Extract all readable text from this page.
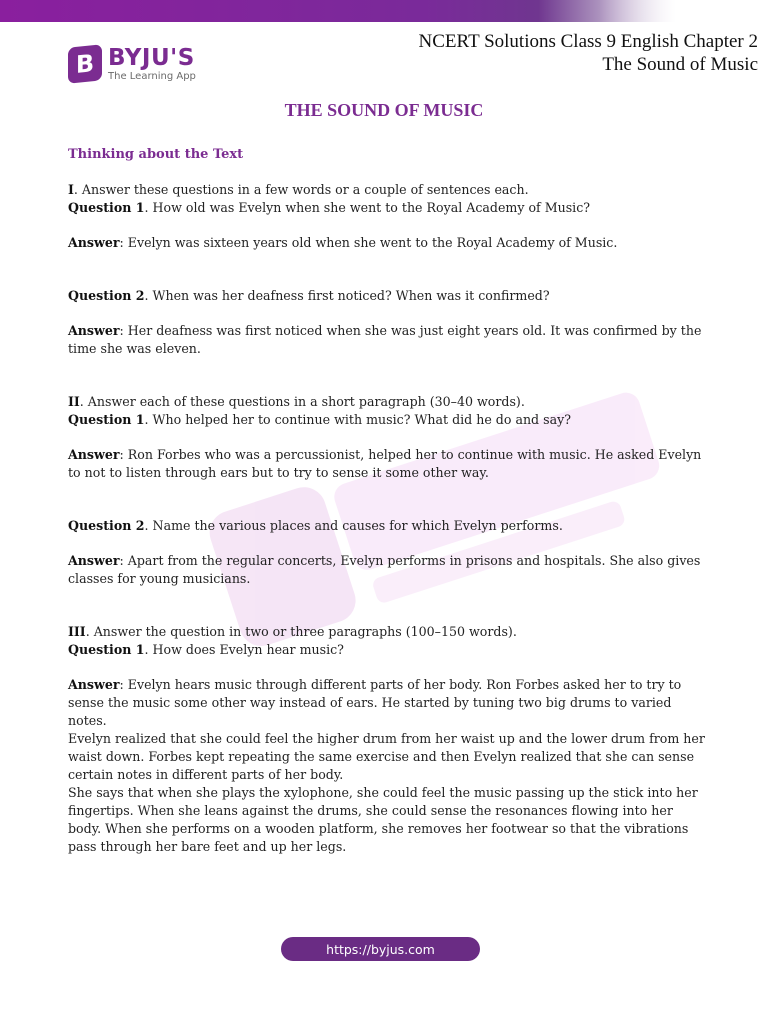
B BYJU'S
The Learning App
NCERT Solutions Class 9 English Chapter 2
The Sound of Music
THE SOUND OF MUSIC
Thinking about the Text
I. Answer these questions in a few words or a couple of sentences each.
Question 1. How old was Evelyn when she went to the Royal Academy of Music?
Answer: Evelyn was sixteen years old when she went to the Royal Academy of Music.
Question 2. When was her deafness first noticed? When was it confirmed?
Answer: Her deafness was first noticed when she was just eight years old. It was confirmed by the time she was eleven.
II. Answer each of these questions in a short paragraph (30–40 words).
Question 1. Who helped her to continue with music? What did he do and say?
Answer: Ron Forbes who was a percussionist, helped her to continue with music. He asked Evelyn to not to listen through ears but to try to sense it some other way.
Question 2. Name the various places and causes for which Evelyn performs.
Answer: Apart from the regular concerts, Evelyn performs in prisons and hospitals. She also gives classes for young musicians.
III. Answer the question in two or three paragraphs (100–150 words).
Question 1. How does Evelyn hear music?
Answer: Evelyn hears music through different parts of her body. Ron Forbes asked her to try to sense the music some other way instead of ears. He started by tuning two big drums to varied notes.
Evelyn realized that she could feel the higher drum from her waist up and the lower drum from her waist down. Forbes kept repeating the same exercise and then Evelyn realized that she can sense certain notes in different parts of her body.
She says that when she plays the xylophone, she could feel the music passing up the stick into her fingertips. When she leans against the drums, she could sense the resonances flowing into her body. When she performs on a wooden platform, she removes her footwear so that the vibrations pass through her bare feet and up her legs.
https://byjus.com
